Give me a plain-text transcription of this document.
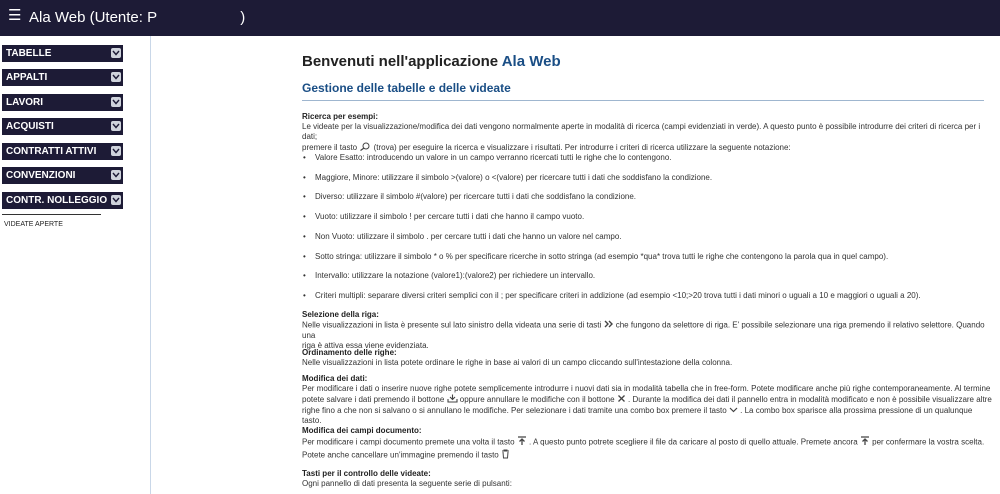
☰ Ala Web (Utente: P                    )
TABELLE
APPALTI
LAVORI
ACQUISTI
CONTRATTI ATTIVI
CONVENZIONI
CONTR. NOLLEGGIO
VIDEATE APERTE
Benvenuti nell'applicazione Ala Web
Gestione delle tabelle e delle videate
Ricerca per esempi:
Le videate per la visualizzazione/modifica dei dati vengono normalmente aperte in modalità di ricerca (campi evidenziati in verde). A questo punto è possibile introdurre dei criteri di ricerca per i dati;
premere il tasto (trova) per eseguire la ricerca e visualizzare i risultati. Per introdurre i criteri di ricerca utilizzare la seguente notazione:
• Valore Esatto: introducendo un valore in un campo verranno ricercati tutti le righe che lo contengono.
• Maggiore, Minore: utilizzare il simbolo >(valore) o <(valore) per ricercare tutti i dati che soddisfano la condizione.
• Diverso: utilizzare il simbolo #(valore) per ricercare tutti i dati che soddisfano la condizione.
• Vuoto: utilizzare il simbolo ! per cercare tutti i dati che hanno il campo vuoto.
• Non Vuoto: utilizzare il simbolo . per cercare tutti i dati che hanno un valore nel campo.
• Sotto stringa: utilizzare il simbolo * o % per specificare ricerche in sotto stringa (ad esempio *qua* trova tutti le righe che contengono la parola qua in quel campo).
• Intervallo: utilizzare la notazione (valore1):(valore2) per richiedere un intervallo.
• Criteri multipli: separare diversi criteri semplici con il ; per specificare criteri in addizione (ad esempio <10;>20 trova tutti i dati minori o uguali a 10 e maggiori o uguali a 20).
Selezione della riga:
Nelle visualizzazioni in lista è presente sul lato sinistro della videata una serie di tasti che fungono da selettore di riga. E' possibile selezionare una riga premendo il relativo selettore. Quando una
riga è attiva essa viene evidenziata.
Ordinamento delle righe:
Nelle visualizzazioni in lista potete ordinare le righe in base ai valori di un campo cliccando sull'intestazione della colonna.
Modifica dei dati:
Per modificare i dati o inserire nuove righe potete semplicemente introdurre i nuovi dati sia in modalità tabella che in free-form. Potete modificare anche più righe contemporaneamente. Al termine
potete salvare i dati premendo il bottone oppure annullare le modifiche con il bottone . Durante la modifica dei dati il pannello entra in modalità modificato e non è possibile visualizzare altre
righe fino a che non si salvano o si annullano le modifiche. Per selezionare i dati tramite una combo box premere il tasto . La combo box sparisce alla prossima pressione di un qualunque tasto.
Modifica dei campi documento:
Per modificare i campi documento premete una volta il tasto . A questo punto potrete scegliere il file da caricare al posto di quello attuale. Premete ancora per confermare la vostra scelta.
Potete anche cancellare un'immagine premendo il tasto
Tasti per il controllo delle videate:
Ogni pannello di dati presenta la seguente serie di pulsanti:
